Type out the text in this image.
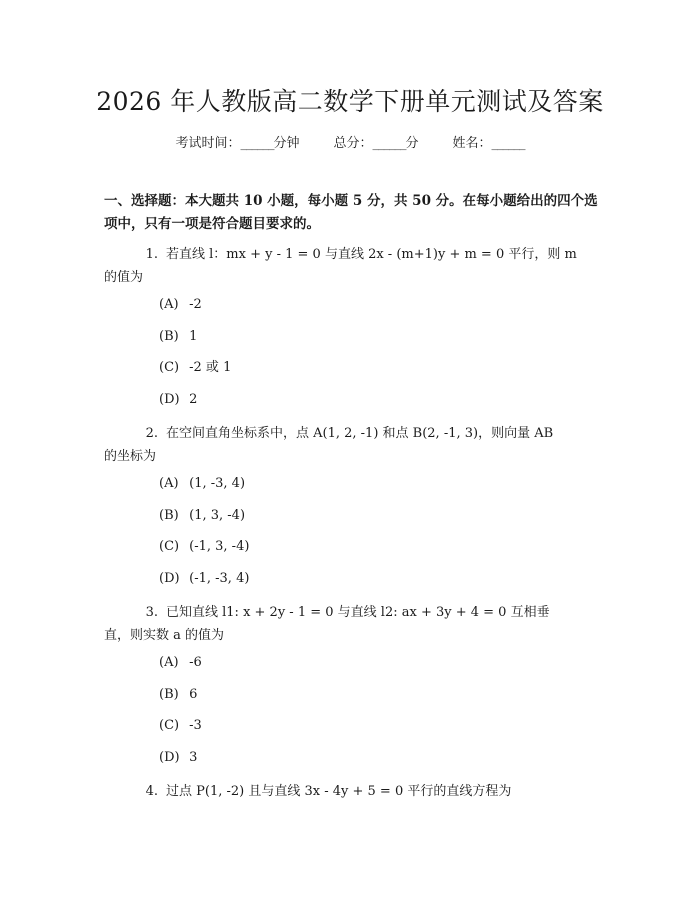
2026 年人教版高二数学下册单元测试及答案
考试时间：______分钟	总分：______分	姓名：______
一、选择题：本大题共 10 小题，每小题 5 分，共 50 分。在每小题给出的四个选
项中，只有一项是符合题目要求的。
1. 若直线 l：mx + y - 1 = 0 与直线 2x - (m+1)y + m = 0 平行，则 m
的值为
(A) -2
(B) 1
(C) -2 或 1
(D) 2
2. 在空间直角坐标系中，点 A(1, 2, -1) 和点 B(2, -1, 3)，则向量 AB
的坐标为
(A) (1, -3, 4)
(B) (1, 3, -4)
(C) (-1, 3, -4)
(D) (-1, -3, 4)
3. 已知直线 l1: x + 2y - 1 = 0 与直线 l2: ax + 3y + 4 = 0 互相垂
直，则实数 a 的值为
(A) -6
(B) 6
(C) -3
(D) 3
4. 过点 P(1, -2) 且与直线 3x - 4y + 5 = 0 平行的直线方程为
